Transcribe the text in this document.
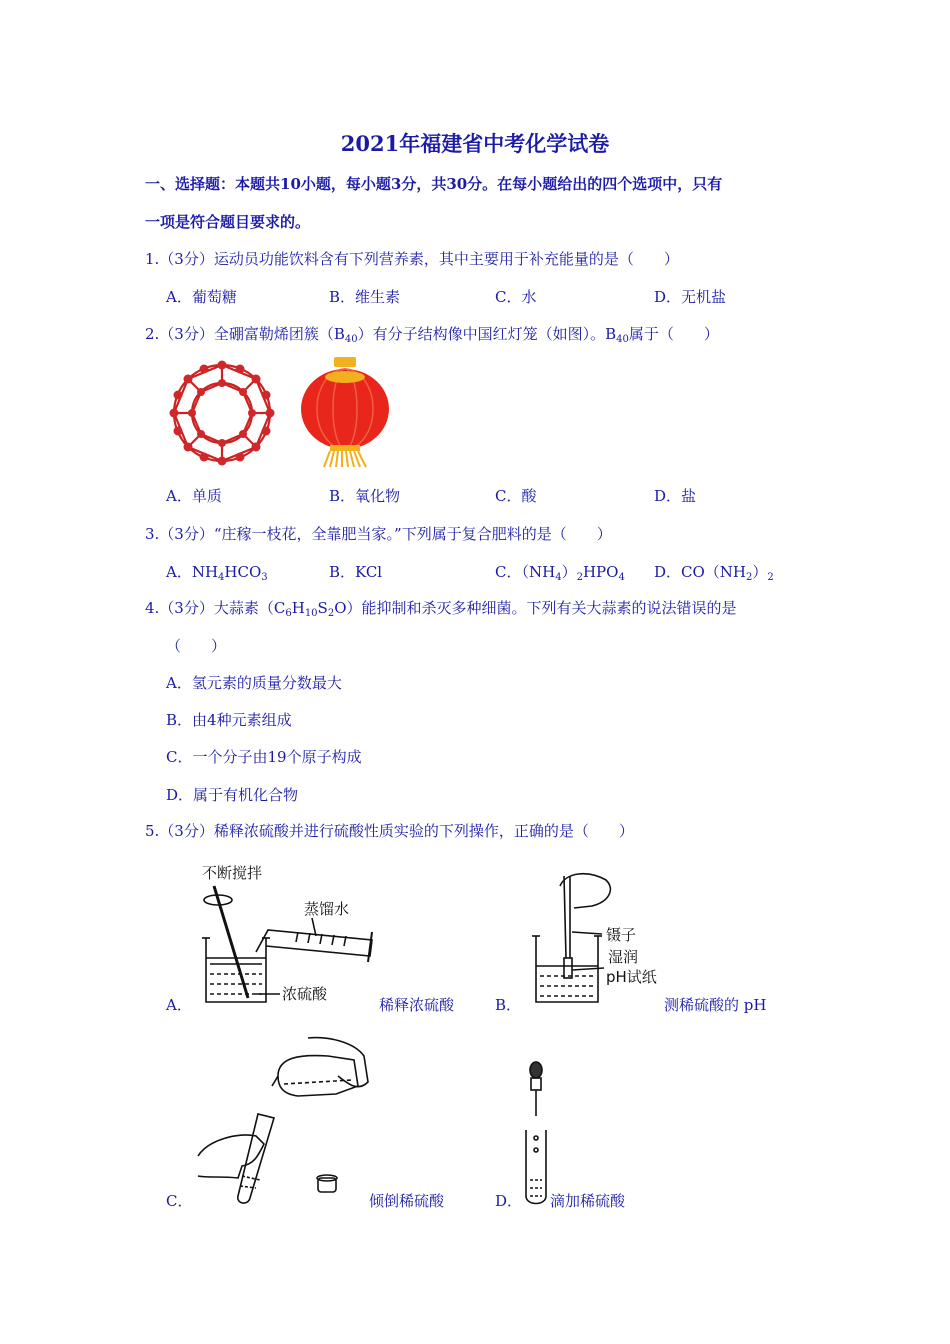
2021年福建省中考化学试卷
一、选择题：本题共10小题，每小题3分，共30分。在每小题给出的四个选项中，只有
一项是符合题目要求的。
1.（3分）运动员功能饮料含有下列营养素，其中主要用于补充能量的是（　　）
A．葡萄糖	B．维生素	C．水	D．无机盐
2.（3分）全硼富勒烯团簇$(B_{40})$有分子结构像中国红灯笼（如图）。$B_{40}$属于（　　）
A．单质	B．氧化物	C．酸	D．盐
3.（3分）“庄稼一枝花，全靠肥当家。”下列属于复合肥料的是（　　）
A．$NH_4HCO_3$	B．KCl	C．$(NH_4)_2HPO_4$ D．$CO(NH_2)_2$
4.（3分）大蒜素$(C_6H_{10}S_2O)$能抑制和杀灭多种细菌。下列有关大蒜素的说法错误的是
（　　）
A．氢元素的质量分数最大
B．由4种元素组成
C．一个分子由19个原子构成
D．属于有机化合物
5.（3分）稀释浓硫酸并进行硫酸性质实验的下列操作，正确的是（　　）
不断搅拌
蒸馏水
浓硫酸
A．	稀释浓硫酸
镊子
湿润
pH试纸
B．	测稀硫酸的 pH
C．	倾倒稀硫酸	D． 滴加稀硫酸
